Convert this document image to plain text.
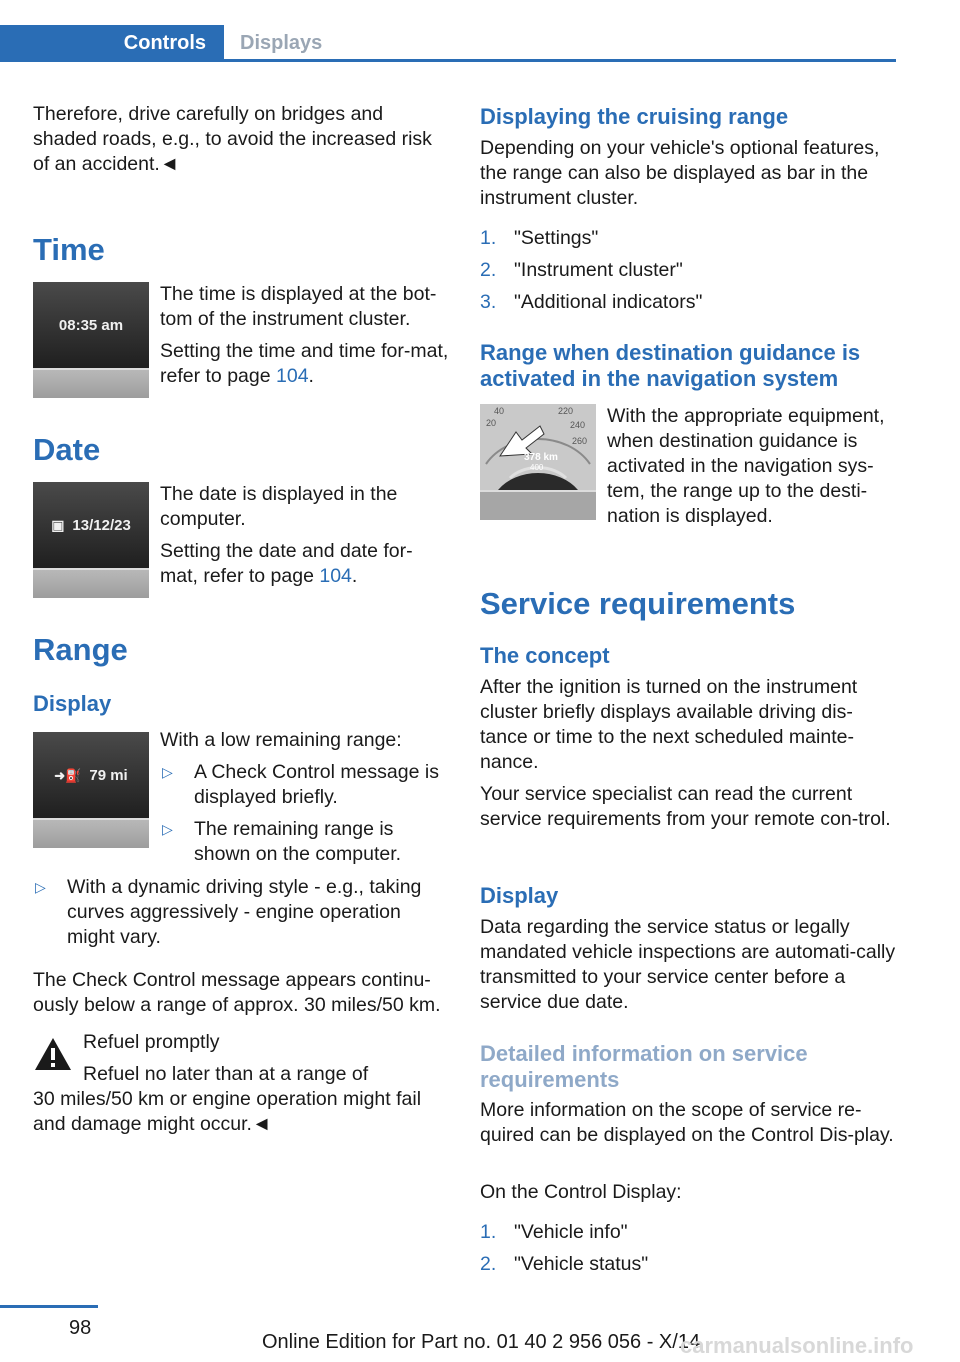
Controls	Displays

Therefore, drive carefully on bridges and shaded roads, e.g., to avoid the increased risk of an accident.◄

Time
08:35 am

The time is displayed at the bot‐tom of the instrument cluster.

Setting the time and time for‐mat, refer to page 104.

Date
▣ 13/12/23

The date is displayed in the computer.

Setting the date and date for‐mat, refer to page 104.

Range
Display
➜⛽ 79 mi

With a low remaining range:

▷ A Check Control message is displayed briefly.
▷ The remaining range is shown on the computer.
▷ With a dynamic driving style - e.g., taking curves aggressively - engine operation might vary.

The Check Control message appears continu‐ously below a range of approx. 30 miles/50 km.

Refuel promptly

Refuel no later than at a range of

30 miles/50 km or engine operation might fail and damage might occur.◄

Displaying the cruising range

Depending on your vehicle's optional features, the range can also be displayed as bar in the instrument cluster.

1. "Settings"
2. "Instrument cluster"
3. "Additional indicators"
Range when destination guidance is activated in the navigation system
20
40	220
240
260
400
378 km

With the appropriate equipment, when destination guidance is activated in the navigation sys‐tem, the range up to the desti‐nation is displayed.

Service requirements
The concept

After the ignition is turned on the instrument cluster briefly displays available driving dis‐tance or time to the next scheduled mainte‐nance.

Your service specialist can read the current service requirements from your remote con‐trol.

Display

Data regarding the service status or legally mandated vehicle inspections are automati‐cally transmitted to your service center before a service due date.

Detailed information on service requirements

More information on the scope of service re‐quired can be displayed on the Control Dis‐play.

On the Control Display:

1. "Vehicle info"
2. "Vehicle status"
98
Online Edition for Part no. 01 40 2 956 056 - X/14
carmanualsonline.info
